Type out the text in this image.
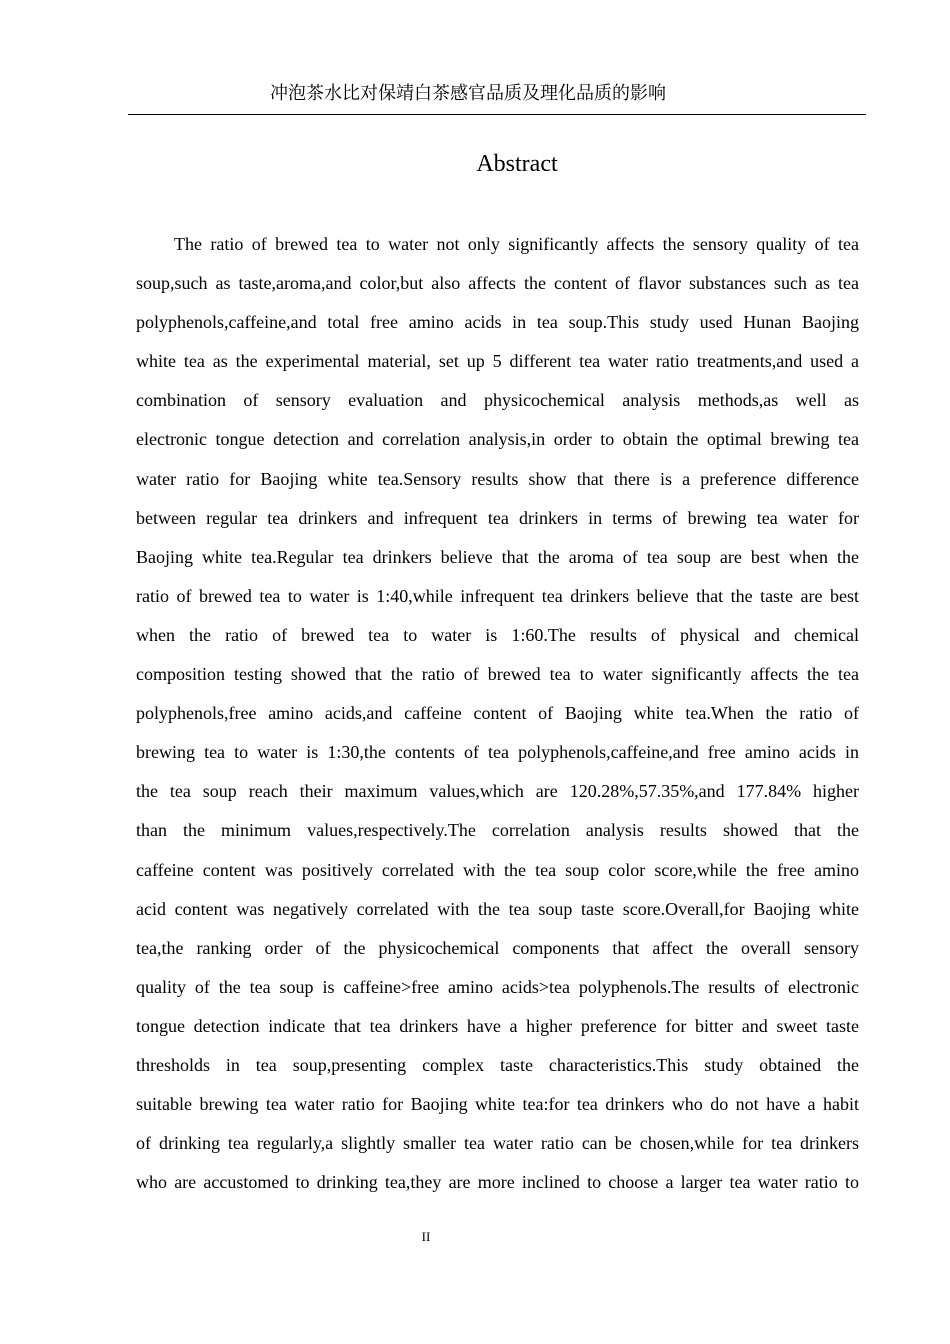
冲泡茶水比对保靖白茶感官品质及理化品质的影响
Abstract
The ratio of brewed tea to water not only significantly affects the sensory quality of tea
soup,such as taste,aroma,and color,but also affects the content of flavor substances such as tea
polyphenols,caffeine,and total free amino acids in tea soup.This study used Hunan Baojing
white tea as the experimental material, set up 5 different tea water ratio treatments,and used a
combination of sensory evaluation and physicochemical analysis methods,as well as
electronic tongue detection and correlation analysis,in order to obtain the optimal brewing tea
water ratio for Baojing white tea.Sensory results show that there is a preference difference
between regular tea drinkers and infrequent tea drinkers in terms of brewing tea water for
Baojing white tea.Regular tea drinkers believe that the aroma of tea soup are best when the
ratio of brewed tea to water is 1:40,while infrequent tea drinkers believe that the taste are best
when the ratio of brewed tea to water is 1:60.The results of physical and chemical
composition testing showed that the ratio of brewed tea to water significantly affects the tea
polyphenols,free amino acids,and caffeine content of Baojing white tea.When the ratio of
brewing tea to water is 1:30,the contents of tea polyphenols,caffeine,and free amino acids in
the tea soup reach their maximum values,which are 120.28%,57.35%,and 177.84% higher
than the minimum values,respectively.The correlation analysis results showed that the
caffeine content was positively correlated with the tea soup color score,while the free amino
acid content was negatively correlated with the tea soup taste score.Overall,for Baojing white
tea,the ranking order of the physicochemical components that affect the overall sensory
quality of the tea soup is caffeine>free amino acids>tea polyphenols.The results of electronic
tongue detection indicate that tea drinkers have a higher preference for bitter and sweet taste
thresholds in tea soup,presenting complex taste characteristics.This study obtained the
suitable brewing tea water ratio for Baojing white tea:for tea drinkers who do not have a habit
of drinking tea regularly,a slightly smaller tea water ratio can be chosen,while for tea drinkers
who are accustomed to drinking tea,they are more inclined to choose a larger tea water ratio to
II
